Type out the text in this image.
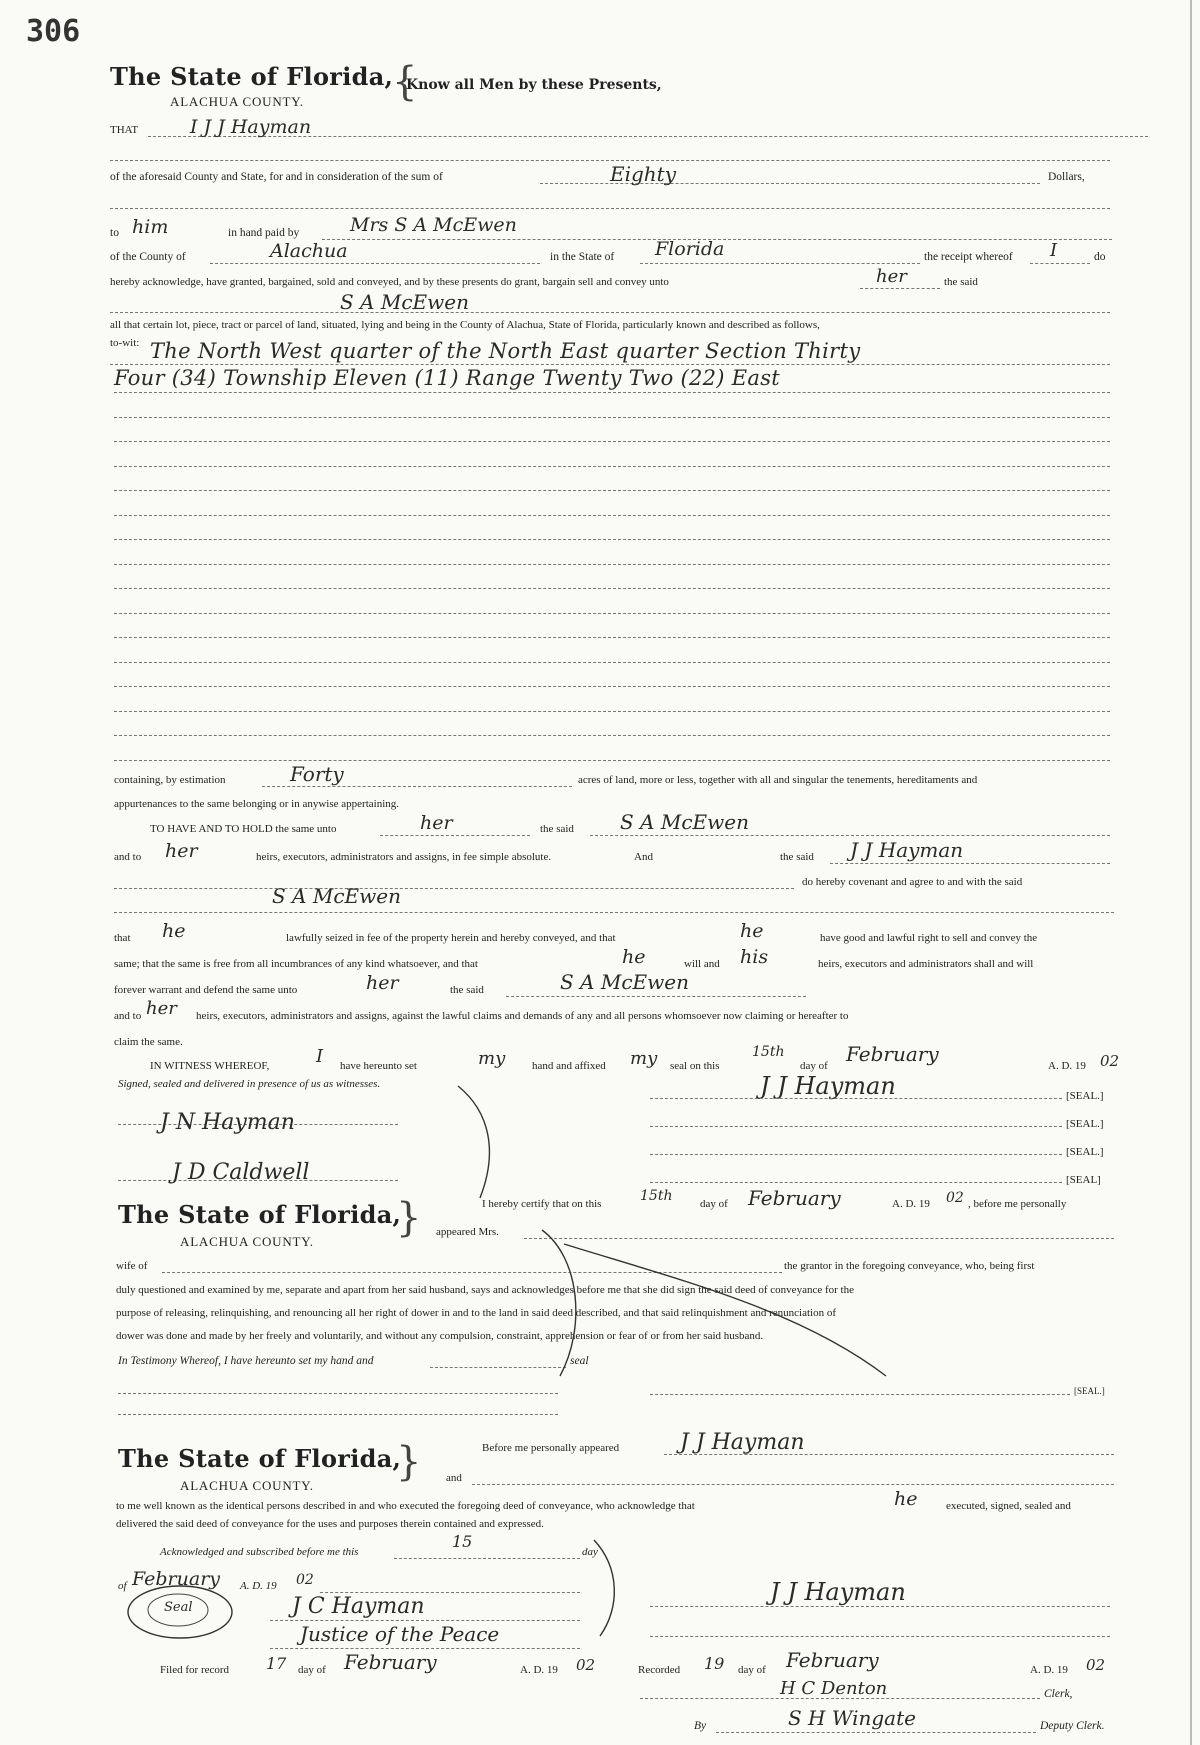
306
The State of Florida,
ALACHUA COUNTY. {
Know all Men by these Presents,
THAT	I J J Hayman
of the aforesaid County and State, for and in consideration of the sum of	Eighty	Dollars,
to him	in hand paid by	Mrs S A McEwen
of the County of	Alachua	in the State of Florida	the receipt whereof I	do
hereby acknowledge, have granted, bargained, sold and conveyed, and by these presents do grant, bargain sell and convey unto	her	the said
S A McEwen
all that certain lot, piece, tract or parcel of land, situated, lying and being in the County of Alachua, State of Florida, particularly known and described as follows,
to-wit: The North West quarter of the North East quarter Section Thirty
Four (34) Township Eleven (11) Range Twenty Two (22) East
containing, by estimation	Forty	acres of land, more or less, together with all and singular the tenements, hereditaments and
appurtenances to the same belonging or in anywise appertaining.
TO HAVE AND TO HOLD the same unto	her	the said S A McEwen
and to her	heirs, executors, administrators and assigns, in fee simple absolute.	And	the said J J Hayman
do hereby covenant and agree to and with the said
S A McEwen
that he	lawfully seized in fee of the property herein and hereby conveyed, and that	he	have good and lawful right to sell and convey the
same; that the same is free from all incumbrances of any kind whatsoever, and that	he	will and his	heirs, executors and administrators shall and will
forever warrant and defend the same unto	her	the said	S A McEwen
and to her heirs, executors, administrators and assigns, against the lawful claims and demands of any and all persons whomsoever now claiming or hereafter to
claim the same.
IN WITNESS WHEREOF,	I have hereunto set	my hand and affixed my seal on this
15th
day of February	A. D. 19 02
Signed, sealed and delivered in presence of us as witnesses.	J J Hayman	[SEAL.]
[SEAL.]
[SEAL.]
[SEAL]
J N Hayman
J D Caldwell
The State of Florida,
ALACHUA COUNTY.
}	I hereby certify that on this	15th	day of February	A. D. 19 02 , before me personally
appeared Mrs.
wife of	the grantor in the foregoing conveyance, who, being first
duly questioned and examined by me, separate and apart from her said husband, says and acknowledges before me that she did sign the said deed of conveyance for the
purpose of releasing, relinquishing, and renouncing all her right of dower in and to the land in said deed described, and that said relinquishment and renunciation of
dower was done and made by her freely and voluntarily, and without any compulsion, constraint, apprehension or fear of or from her said husband.
In Testimony Whereof, I have hereunto set my hand and	seal
[SEAL.]
The State of Florida,
ALACHUA COUNTY.
}	Before me personally appeared	J J Hayman
and
to me well known as the identical persons described in and who executed the foregoing deed of conveyance, who acknowledge that	he	executed, signed, sealed and
delivered the said deed of conveyance for the uses and purposes therein contained and expressed.
Acknowledged and subscribed before me this
15
day
of February A. D. 19 02
Seal	J C Hayman
Justice of the Peace
J J Hayman
Filed for record 17 day of February	A. D. 19 02	Recorded 19 day of February	A. D. 19 02
H C Denton	Clerk,
By	S H Wingate	Deputy Clerk.
